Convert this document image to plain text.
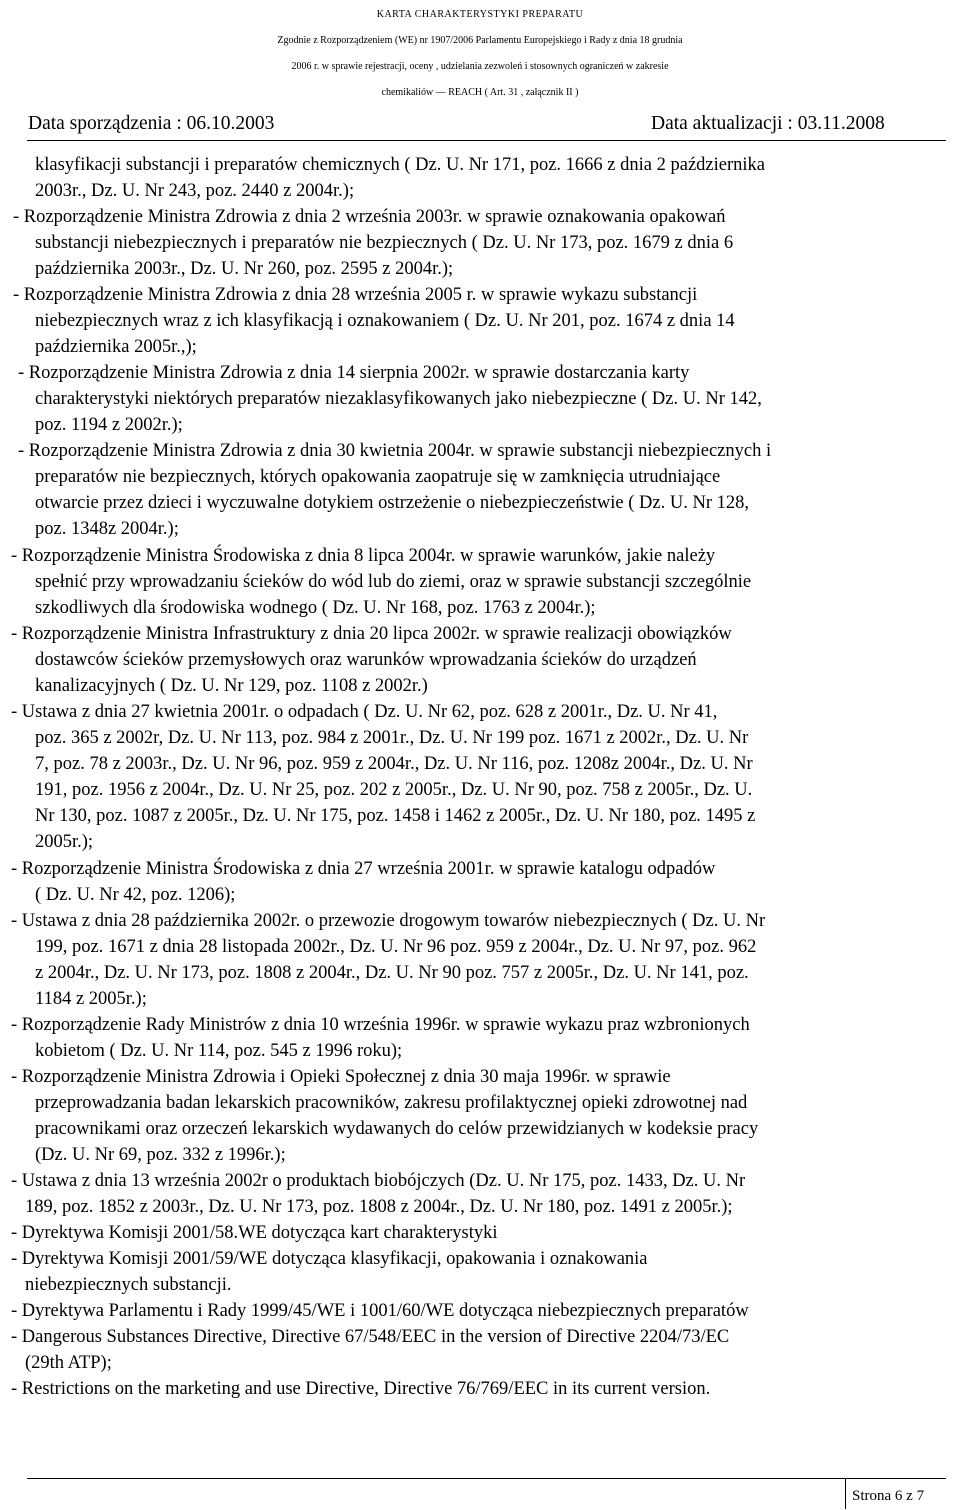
KARTA CHARAKTERYSTYKI PREPARATU
Zgodnie z Rozporządzeniem (WE) nr 1907/2006 Parlamentu Europejskiego i Rady z dnia 18 grudnia
2006 r. w sprawie rejestracji, oceny , udzielania zezwoleń i stosownych ograniczeń w zakresie
chemikaliów ― REACH ( Art. 31 , załącznik II )
Data sporządzenia : 06.10.2003	Data aktualizacji : 03.11.2008
klasyfikacji substancji i preparatów chemicznych ( Dz. U. Nr 171, poz. 1666 z dnia 2 października
2003r., Dz. U. Nr 243, poz. 2440 z 2004r.);
- Rozporządzenie Ministra Zdrowia z dnia 2 września 2003r. w sprawie oznakowania opakowań
substancji niebezpiecznych i preparatów nie bezpiecznych ( Dz. U. Nr 173, poz. 1679 z dnia 6
października 2003r., Dz. U. Nr 260, poz. 2595 z 2004r.);
- Rozporządzenie Ministra Zdrowia z dnia 28 września 2005 r. w sprawie wykazu substancji
niebezpiecznych wraz z ich klasyfikacją i oznakowaniem ( Dz. U. Nr 201, poz. 1674 z dnia 14
października 2005r.,);
- Rozporządzenie Ministra Zdrowia z dnia 14 sierpnia 2002r. w sprawie dostarczania karty
charakterystyki niektórych preparatów niezaklasyfikowanych jako niebezpieczne ( Dz. U. Nr 142,
poz. 1194 z 2002r.);
- Rozporządzenie Ministra Zdrowia z dnia 30 kwietnia 2004r. w sprawie substancji niebezpiecznych i
preparatów nie bezpiecznych, których opakowania zaopatruje się w zamknięcia utrudniające
otwarcie przez dzieci i wyczuwalne dotykiem ostrzeżenie o niebezpieczeństwie ( Dz. U. Nr 128,
poz. 1348z 2004r.);
- Rozporządzenie Ministra Środowiska z dnia 8 lipca 2004r. w sprawie warunków, jakie należy
spełnić przy wprowadzaniu ścieków do wód lub do ziemi, oraz w sprawie substancji szczególnie
szkodliwych dla środowiska wodnego ( Dz. U. Nr 168, poz. 1763 z 2004r.);
- Rozporządzenie Ministra Infrastruktury z dnia 20 lipca 2002r. w sprawie realizacji obowiązków
dostawców ścieków przemysłowych oraz warunków wprowadzania ścieków do urządzeń
kanalizacyjnych ( Dz. U. Nr 129, poz. 1108 z 2002r.)
- Ustawa z dnia 27 kwietnia 2001r. o odpadach ( Dz. U. Nr 62, poz. 628 z 2001r., Dz. U. Nr 41,
poz. 365 z 2002r, Dz. U. Nr 113, poz. 984 z 2001r., Dz. U. Nr 199 poz. 1671 z 2002r., Dz. U. Nr
7, poz. 78 z 2003r., Dz. U. Nr 96, poz. 959 z 2004r., Dz. U. Nr 116, poz. 1208z 2004r., Dz. U. Nr
191, poz. 1956 z 2004r., Dz. U. Nr 25, poz. 202 z 2005r., Dz. U. Nr 90, poz. 758 z 2005r., Dz. U.
Nr 130, poz. 1087 z 2005r., Dz. U. Nr 175, poz. 1458 i 1462 z 2005r., Dz. U. Nr 180, poz. 1495 z
2005r.);
- Rozporządzenie Ministra Środowiska z dnia 27 września 2001r. w sprawie katalogu odpadów
( Dz. U. Nr 42, poz. 1206);
- Ustawa z dnia 28 października 2002r. o przewozie drogowym towarów niebezpiecznych ( Dz. U. Nr
199, poz. 1671 z dnia 28 listopada 2002r., Dz. U. Nr 96 poz. 959 z 2004r., Dz. U. Nr 97, poz. 962
z 2004r., Dz. U. Nr 173, poz. 1808 z 2004r., Dz. U. Nr 90 poz. 757 z 2005r., Dz. U. Nr 141, poz.
1184 z 2005r.);
- Rozporządzenie Rady Ministrów z dnia 10 września 1996r. w sprawie wykazu praz wzbronionych
kobietom ( Dz. U. Nr 114, poz. 545 z 1996 roku);
- Rozporządzenie Ministra Zdrowia i Opieki Społecznej z dnia 30 maja 1996r. w sprawie
przeprowadzania badan lekarskich pracowników, zakresu profilaktycznej opieki zdrowotnej nad
pracownikami oraz orzeczeń lekarskich wydawanych do celów przewidzianych w kodeksie pracy
(Dz. U. Nr 69, poz. 332 z 1996r.);
- Ustawa z dnia 13 września 2002r o produktach biobójczych (Dz. U. Nr 175, poz. 1433, Dz. U. Nr
189, poz. 1852 z 2003r., Dz. U. Nr 173, poz. 1808 z 2004r., Dz. U. Nr 180, poz. 1491 z 2005r.);
- Dyrektywa Komisji 2001/58.WE dotycząca kart charakterystyki
- Dyrektywa Komisji 2001/59/WE dotycząca klasyfikacji, opakowania i oznakowania
niebezpiecznych substancji.
- Dyrektywa Parlamentu i Rady 1999/45/WE i 1001/60/WE dotycząca niebezpiecznych preparatów
- Dangerous Substances Directive, Directive 67/548/EEC in the version of Directive 2204/73/EC
(29th ATP);
- Restrictions on the marketing and use Directive, Directive 76/769/EEC in its current version.
Strona 6 z 7
